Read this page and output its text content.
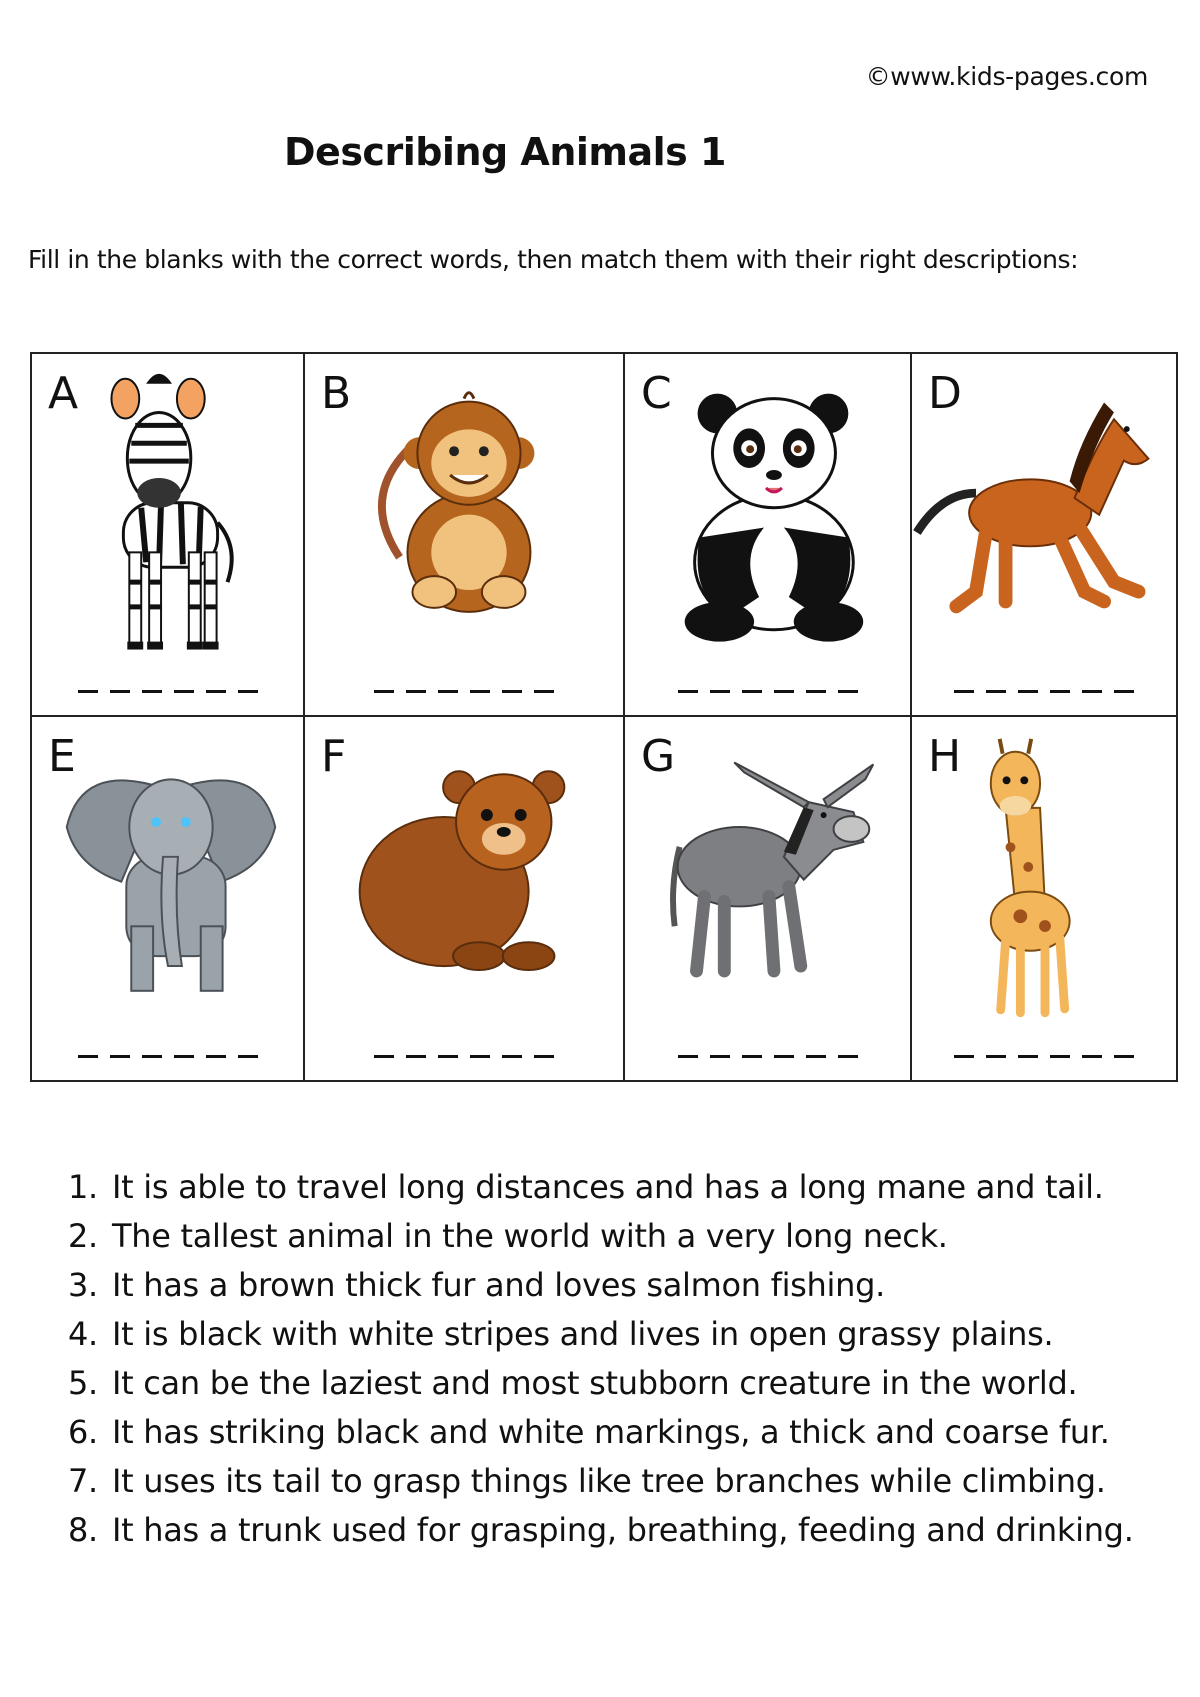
©www.kids-pages.com
Describing Animals 1
Fill in the blanks with the correct words, then match them with their right descriptions:
A	B	C	D
E	F	G	H
1. It is able to travel long distances and has a long mane and tail.
2. The tallest animal in the world with a very long neck.
3. It has a brown thick fur and loves salmon fishing.
4. It is black with white stripes and lives in open grassy plains.
5. It can be the laziest and most stubborn creature in the world.
6. It has striking black and white markings, a thick and coarse fur.
7. It uses its tail to grasp things like tree branches while climbing.
8. It has a trunk used for grasping, breathing, feeding and drinking.
